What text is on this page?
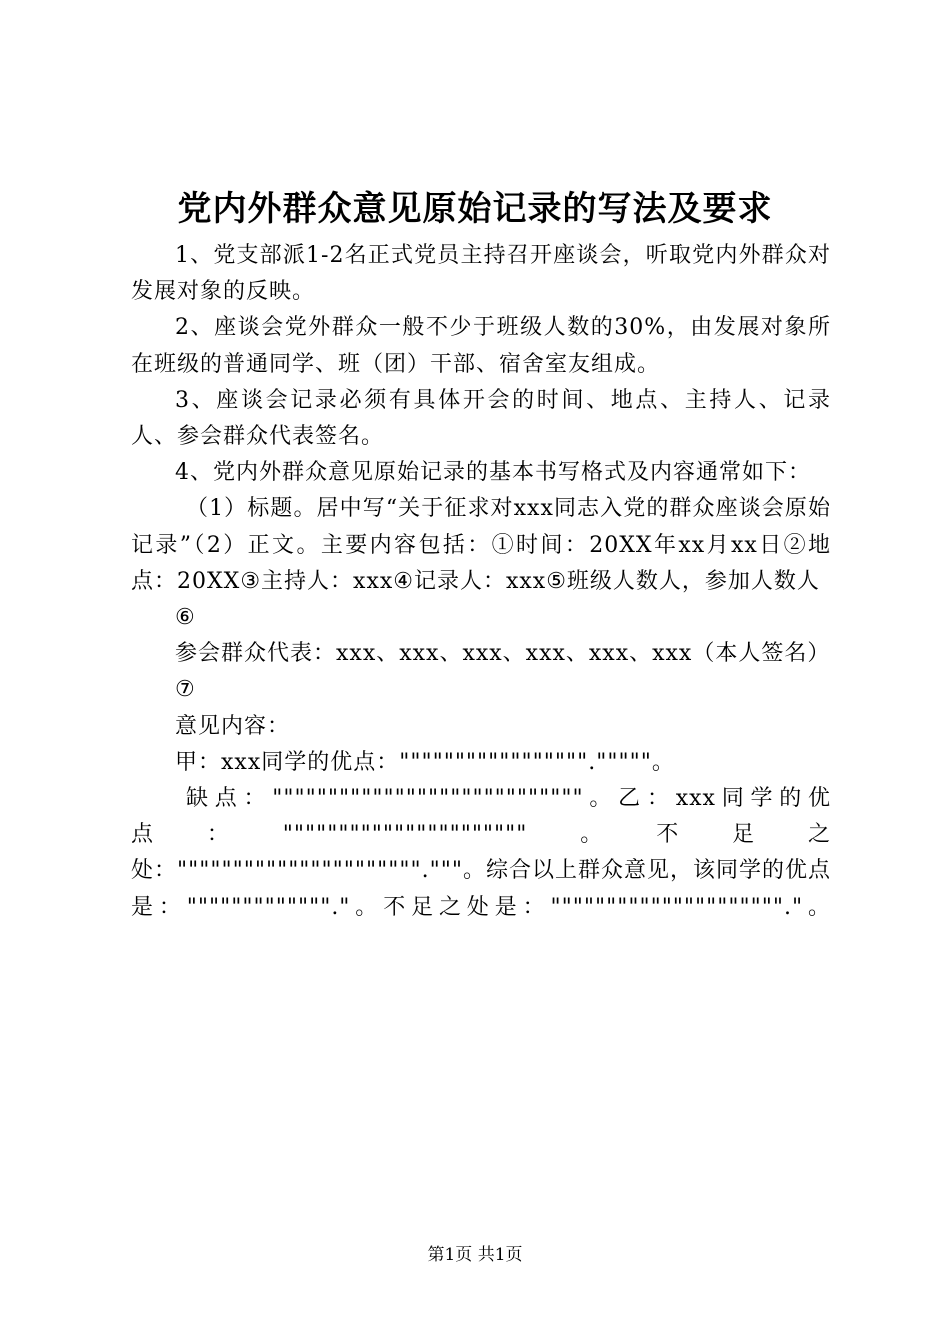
党内外群众意见原始记录的写法及要求

1、党支部派1-2名正式党员主持召开座谈会，听取党内外群众对发展对象的反映。

2、座谈会党外群众一般不少于班级人数的30%，由发展对象所在班级的普通同学、班（团）干部、宿舍室友组成。

3、座谈会记录必须有具体开会的时间、地点、主持人、记录人、参会群众代表签名。

4、党内外群众意见原始记录的基本书写格式及内容通常如下：

（1）标题。居中写“关于征求对xxx同志入党的群众座谈会原始记录”（2）正文。主要内容包括：①时间：20XX年xx月xx日②地点：20XX③主持人：xxx④记录人：xxx⑤班级人数人，参加人数人

⑥

参会群众代表：xxx、xxx、xxx、xxx、xxx、xxx（本人签名）

⑦

意见内容：

甲：xxx同学的优点："""""""""""""""""."""""。

缺点：""""""""""""""""""""""""""""。乙：xxx同学的优点：""""""""""""""""""""""。不足之处：""""""""""""""""""""""."""。综合以上群众意见，该同学的优点是："""""""""""""."。不足之处是："""""""""""""""""""""."。

第1页 共1页
